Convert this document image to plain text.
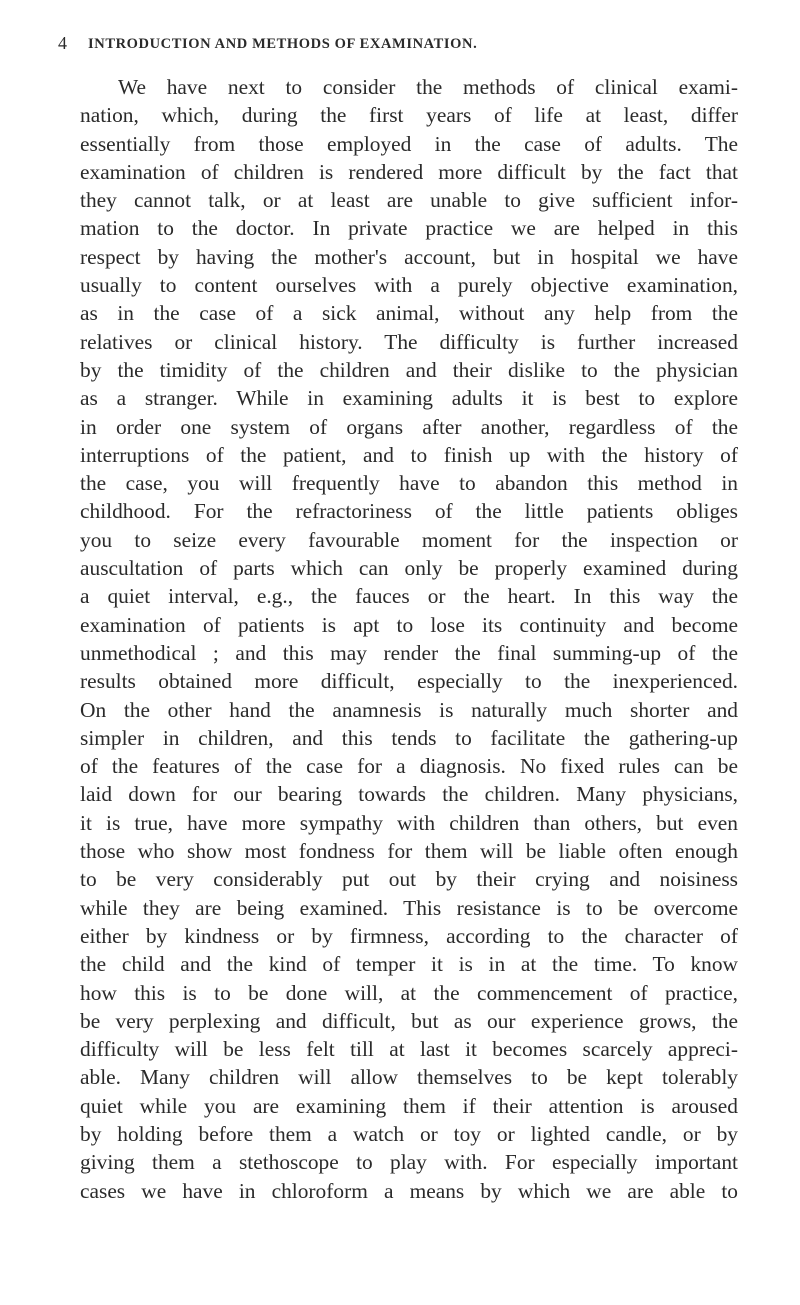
4 INTRODUCTION AND METHODS OF EXAMINATION.
We have next to consider the methods of clinical exami-
nation, which, during the first years of life at least, differ
essentially from those employed in the case of adults. The
examination of children is rendered more difficult by the fact that
they cannot talk, or at least are unable to give sufficient infor-
mation to the doctor. In private practice we are helped in this
respect by having the mother's account, but in hospital we have
usually to content ourselves with a purely objective examination,
as in the case of a sick animal, without any help from the
relatives or clinical history. The difficulty is further increased
by the timidity of the children and their dislike to the physician
as a stranger. While in examining adults it is best to explore
in order one system of organs after another, regardless of the
interruptions of the patient, and to finish up with the history of
the case, you will frequently have to abandon this method in
childhood. For the refractoriness of the little patients obliges
you to seize every favourable moment for the inspection or
auscultation of parts which can only be properly examined during
a quiet interval, e.g., the fauces or the heart. In this way the
examination of patients is apt to lose its continuity and become
unmethodical ; and this may render the final summing-up of the
results obtained more difficult, especially to the inexperienced.
On the other hand the anamnesis is naturally much shorter and
simpler in children, and this tends to facilitate the gathering-up
of the features of the case for a diagnosis. No fixed rules can be
laid down for our bearing towards the children. Many physicians,
it is true, have more sympathy with children than others, but even
those who show most fondness for them will be liable often enough
to be very considerably put out by their crying and noisiness
while they are being examined. This resistance is to be overcome
either by kindness or by firmness, according to the character of
the child and the kind of temper it is in at the time. To know
how this is to be done will, at the commencement of practice,
be very perplexing and difficult, but as our experience grows, the
difficulty will be less felt till at last it becomes scarcely appreci-
able. Many children will allow themselves to be kept tolerably
quiet while you are examining them if their attention is aroused
by holding before them a watch or toy or lighted candle, or by
giving them a stethoscope to play with. For especially important
cases we have in chloroform a means by which we are able to
